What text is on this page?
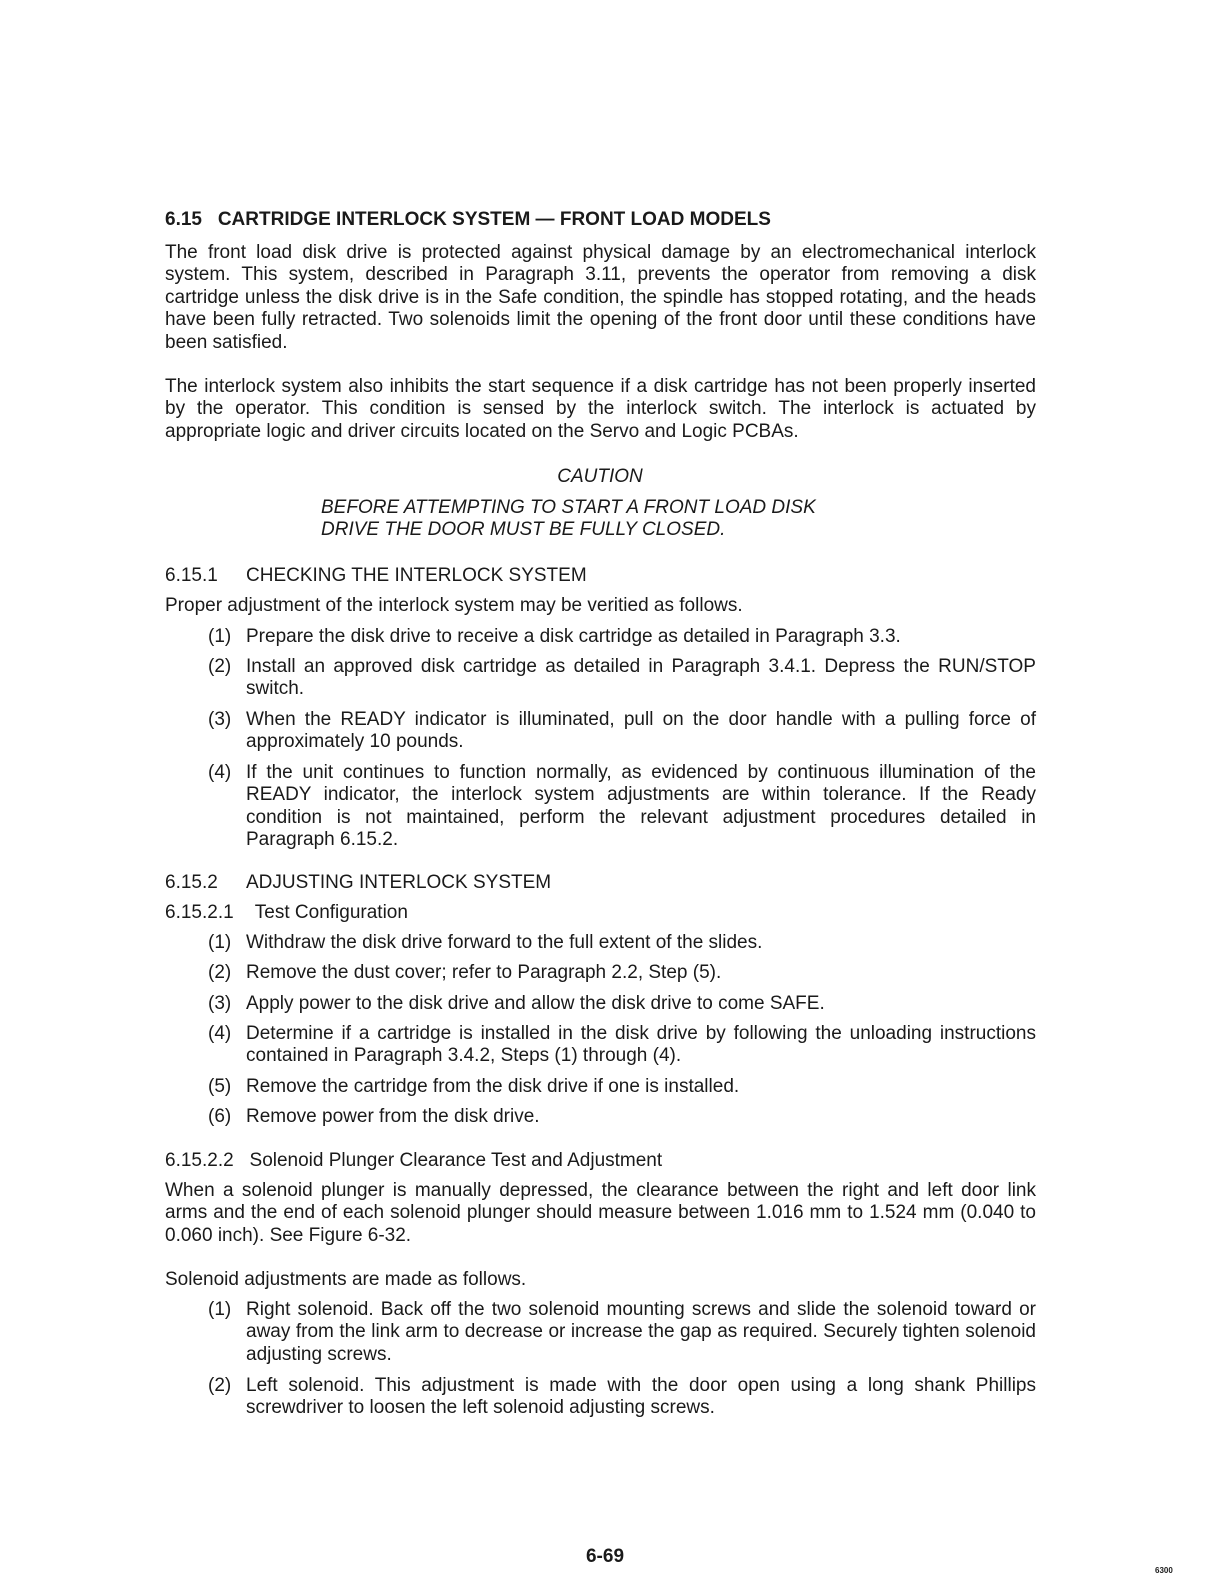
6.15 CARTRIDGE INTERLOCK SYSTEM — FRONT LOAD MODELS
The front load disk drive is protected against physical damage by an electromechanical interlock system. This system, described in Paragraph 3.11, prevents the operator from removing a disk cartridge unless the disk drive is in the Safe condition, the spindle has stopped rotating, and the heads have been fully retracted. Two solenoids limit the opening of the front door until these conditions have been satisfied.
The interlock system also inhibits the start sequence if a disk cartridge has not been properly inserted by the operator. This condition is sensed by the interlock switch. The interlock is actuated by appropriate logic and driver circuits located on the Servo and Logic PCBAs.
CAUTION
BEFORE ATTEMPTING TO START A FRONT LOAD DISK
DRIVE THE DOOR MUST BE FULLY CLOSED.
6.15.1 CHECKING THE INTERLOCK SYSTEM
Proper adjustment of the interlock system may be veritied as follows.
(1) Prepare the disk drive to receive a disk cartridge as detailed in Paragraph 3.3.
(2) Install an approved disk cartridge as detailed in Paragraph 3.4.1. Depress the RUN/STOP switch.
(3) When the READY indicator is illuminated, pull on the door handle with a pulling force of approximately 10 pounds.
(4) If the unit continues to function normally, as evidenced by continuous illumination of the READY indicator, the interlock system adjustments are within tolerance. If the Ready condition is not maintained, perform the relevant adjustment procedures detailed in Paragraph 6.15.2.
6.15.2 ADJUSTING INTERLOCK SYSTEM
6.15.2.1 Test Configuration
(1) Withdraw the disk drive forward to the full extent of the slides.
(2) Remove the dust cover; refer to Paragraph 2.2, Step (5).
(3) Apply power to the disk drive and allow the disk drive to come SAFE.
(4) Determine if a cartridge is installed in the disk drive by following the unloading instructions contained in Paragraph 3.4.2, Steps (1) through (4).
(5) Remove the cartridge from the disk drive if one is installed.
(6) Remove power from the disk drive.
6.15.2.2 Solenoid Plunger Clearance Test and Adjustment
When a solenoid plunger is manually depressed, the clearance between the right and left door link arms and the end of each solenoid plunger should measure between 1.016 mm to 1.524 mm (0.040 to 0.060 inch). See Figure 6-32.
Solenoid adjustments are made as follows.
(1) Right solenoid. Back off the two solenoid mounting screws and slide the solenoid toward or away from the link arm to decrease or increase the gap as required. Securely tighten solenoid adjusting screws.
(2) Left solenoid. This adjustment is made with the door open using a long shank Phillips screwdriver to loosen the left solenoid adjusting screws.
6-69
6300
